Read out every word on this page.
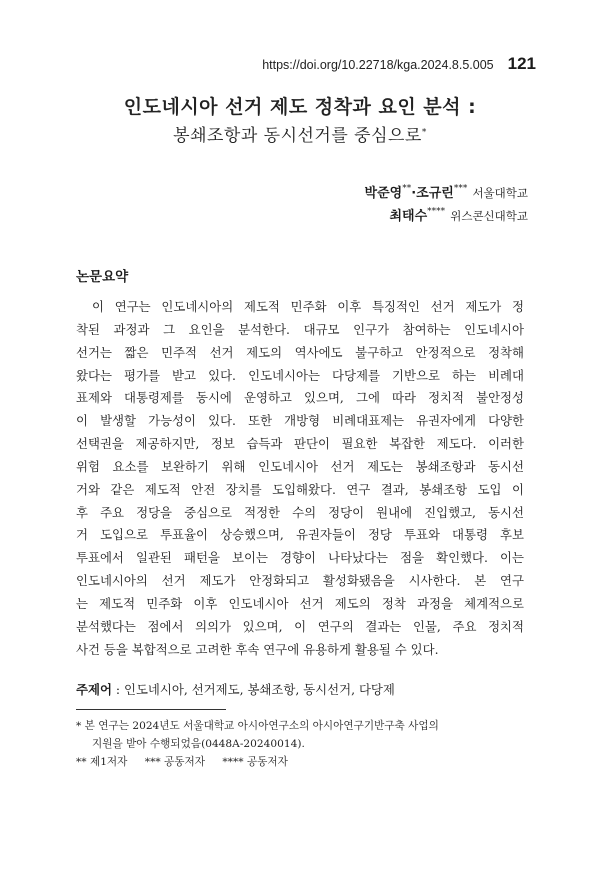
https://doi.org/10.22718/kga.2024.8.5.005 121
인도네시아 선거 제도 정착과 요인 분석 :
봉쇄조항과 동시선거를 중심으로*
박준영**·조규린*** 서울대학교
최태수**** 위스콘신대학교
논문요약
이 연구는 인도네시아의 제도적 민주화 이후 특징적인 선거 제도가 정
착된 과정과 그 요인을 분석한다. 대규모 인구가 참여하는 인도네시아
선거는 짧은 민주적 선거 제도의 역사에도 불구하고 안정적으로 정착해
왔다는 평가를 받고 있다. 인도네시아는 다당제를 기반으로 하는 비례대
표제와 대통령제를 동시에 운영하고 있으며, 그에 따라 정치적 불안정성
이 발생할 가능성이 있다. 또한 개방형 비례대표제는 유권자에게 다양한
선택권을 제공하지만, 정보 습득과 판단이 필요한 복잡한 제도다. 이러한
위험 요소를 보완하기 위해 인도네시아 선거 제도는 봉쇄조항과 동시선
거와 같은 제도적 안전 장치를 도입해왔다. 연구 결과, 봉쇄조항 도입 이
후 주요 정당을 중심으로 적정한 수의 정당이 원내에 진입했고, 동시선
거 도입으로 투표율이 상승했으며, 유권자들이 정당 투표와 대통령 후보
투표에서 일관된 패턴을 보이는 경향이 나타났다는 점을 확인했다. 이는
인도네시아의 선거 제도가 안정화되고 활성화됐음을 시사한다. 본 연구
는 제도적 민주화 이후 인도네시아 선거 제도의 정착 과정을 체계적으로
분석했다는 점에서 의의가 있으며, 이 연구의 결과는 인물, 주요 정치적
사건 등을 복합적으로 고려한 후속 연구에 유용하게 활용될 수 있다.
주제어 : 인도네시아, 선거제도, 봉쇄조항, 동시선거, 다당제
* 본 연구는 2024년도 서울대학교 아시아연구소의 아시아연구기반구축 사업의
지원을 받아 수행되었음(0448A-20240014).
** 제1저자 *** 공동저자 **** 공동저자
